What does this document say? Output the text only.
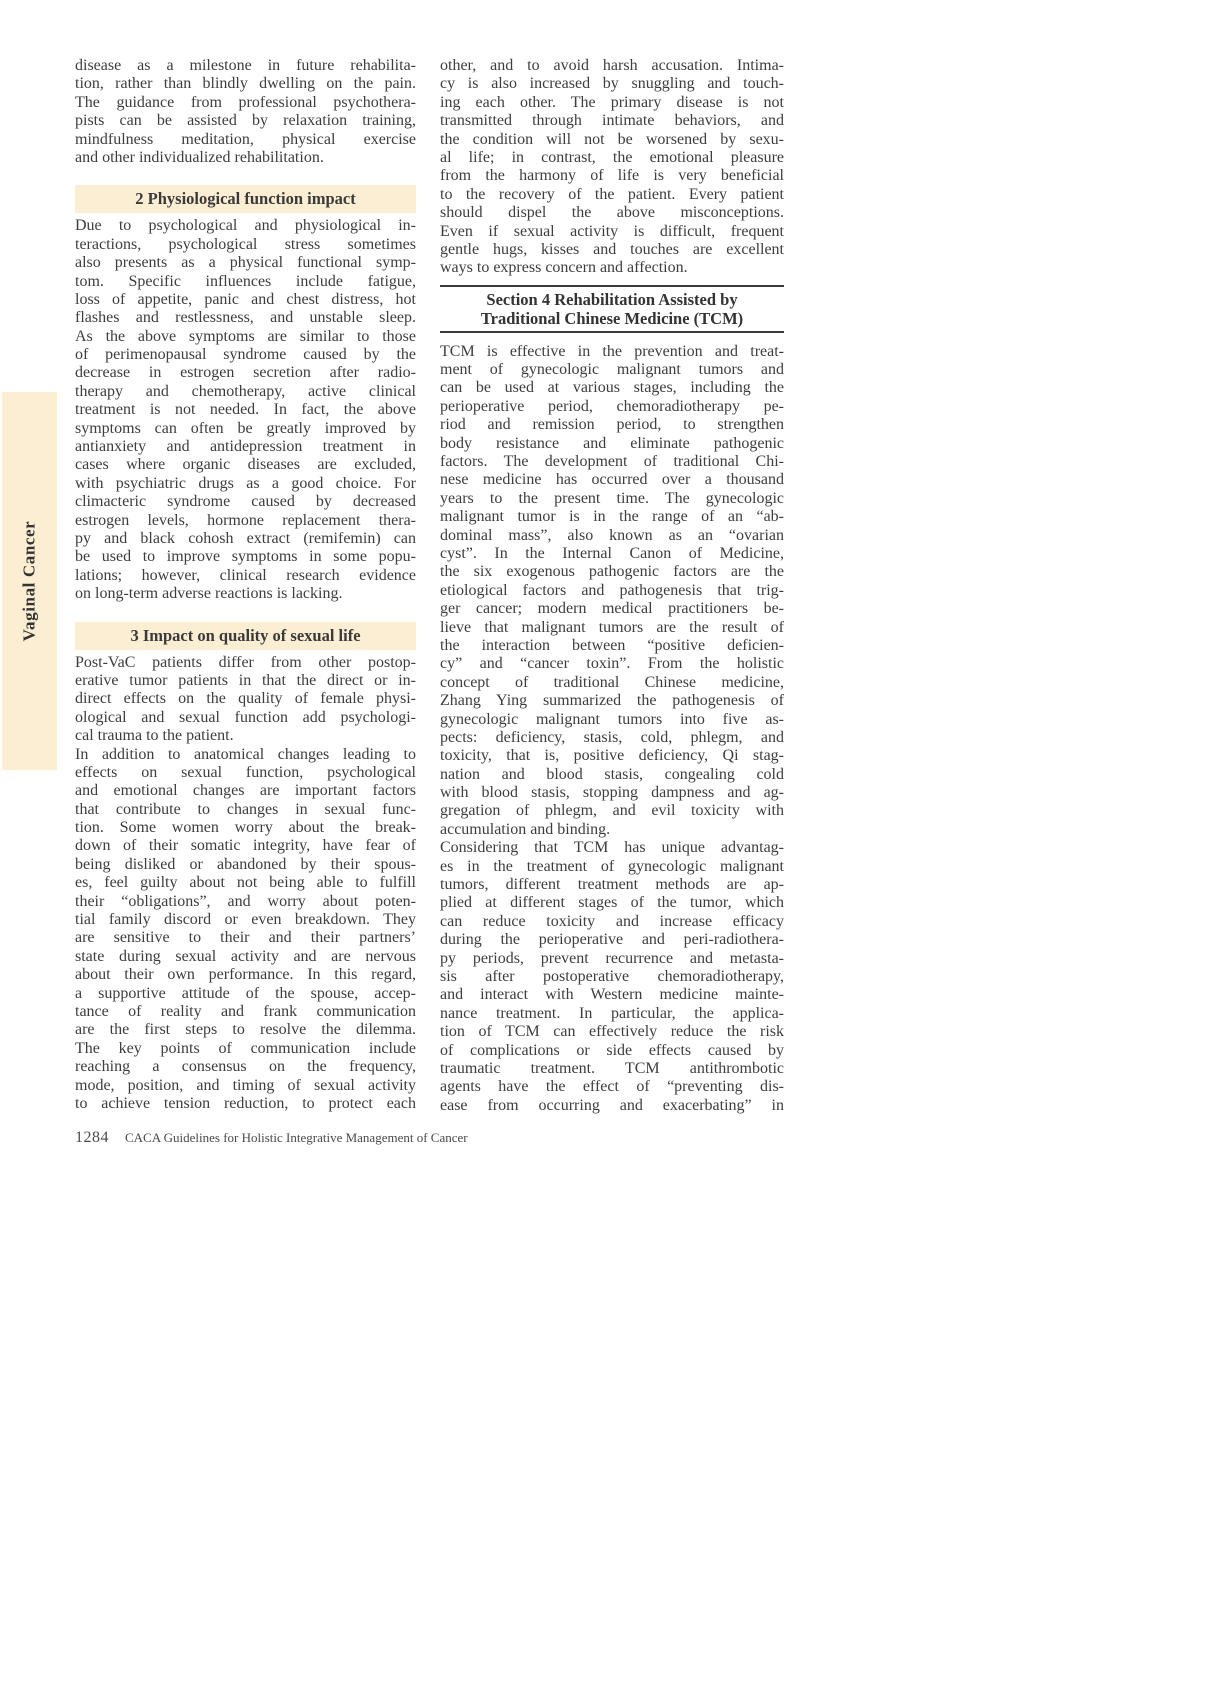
Vaginal Cancer
disease as a milestone in future rehabilita-
tion, rather than blindly dwelling on the pain.
The guidance from professional psychothera-
pists can be assisted by relaxation training,
mindfulness meditation, physical exercise
and other individualized rehabilitation.
2 Physiological function impact
Due to psychological and physiological in-
teractions, psychological stress sometimes
also presents as a physical functional symp-
tom. Specific influences include fatigue,
loss of appetite, panic and chest distress, hot
flashes and restlessness, and unstable sleep.
As the above symptoms are similar to those
of perimenopausal syndrome caused by the
decrease in estrogen secretion after radio-
therapy and chemotherapy, active clinical
treatment is not needed. In fact, the above
symptoms can often be greatly improved by
antianxiety and antidepression treatment in
cases where organic diseases are excluded,
with psychiatric drugs as a good choice. For
climacteric syndrome caused by decreased
estrogen levels, hormone replacement thera-
py and black cohosh extract (remifemin) can
be used to improve symptoms in some popu-
lations; however, clinical research evidence
on long-term adverse reactions is lacking.
3 Impact on quality of sexual life
Post-VaC patients differ from other postop-
erative tumor patients in that the direct or in-
direct effects on the quality of female physi-
ological and sexual function add psychologi-
cal trauma to the patient.
In addition to anatomical changes leading to
effects on sexual function, psychological
and emotional changes are important factors
that contribute to changes in sexual func-
tion. Some women worry about the break-
down of their somatic integrity, have fear of
being disliked or abandoned by their spous-
es, feel guilty about not being able to fulfill
their “obligations”, and worry about poten-
tial family discord or even breakdown. They
are sensitive to their and their partners’
state during sexual activity and are nervous
about their own performance. In this regard,
a supportive attitude of the spouse, accep-
tance of reality and frank communication
are the first steps to resolve the dilemma.
The key points of communication include
reaching a consensus on the frequency,
mode, position, and timing of sexual activity
to achieve tension reduction, to protect each
other, and to avoid harsh accusation. Intima-
cy is also increased by snuggling and touch-
ing each other. The primary disease is not
transmitted through intimate behaviors, and
the condition will not be worsened by sexu-
al life; in contrast, the emotional pleasure
from the harmony of life is very beneficial
to the recovery of the patient. Every patient
should dispel the above misconceptions.
Even if sexual activity is difficult, frequent
gentle hugs, kisses and touches are excellent
ways to express concern and affection.
Section 4 Rehabilitation Assisted by
Traditional Chinese Medicine (TCM)
TCM is effective in the prevention and treat-
ment of gynecologic malignant tumors and
can be used at various stages, including the
perioperative period, chemoradiotherapy pe-
riod and remission period, to strengthen
body resistance and eliminate pathogenic
factors. The development of traditional Chi-
nese medicine has occurred over a thousand
years to the present time. The gynecologic
malignant tumor is in the range of an “ab-
dominal mass”, also known as an “ovarian
cyst”. In the Internal Canon of Medicine,
the six exogenous pathogenic factors are the
etiological factors and pathogenesis that trig-
ger cancer; modern medical practitioners be-
lieve that malignant tumors are the result of
the interaction between “positive deficien-
cy” and “cancer toxin”. From the holistic
concept of traditional Chinese medicine,
Zhang Ying summarized the pathogenesis of
gynecologic malignant tumors into five as-
pects: deficiency, stasis, cold, phlegm, and
toxicity, that is, positive deficiency, Qi stag-
nation and blood stasis, congealing cold
with blood stasis, stopping dampness and ag-
gregation of phlegm, and evil toxicity with
accumulation and binding.
Considering that TCM has unique advantag-
es in the treatment of gynecologic malignant
tumors, different treatment methods are ap-
plied at different stages of the tumor, which
can reduce toxicity and increase efficacy
during the perioperative and peri-radiothera-
py periods, prevent recurrence and metasta-
sis after postoperative chemoradiotherapy,
and interact with Western medicine mainte-
nance treatment. In particular, the applica-
tion of TCM can effectively reduce the risk
of complications or side effects caused by
traumatic treatment. TCM antithrombotic
agents have the effect of “preventing dis-
ease from occurring and exacerbating” in
1284 CACA Guidelines for Holistic Integrative Management of Cancer
